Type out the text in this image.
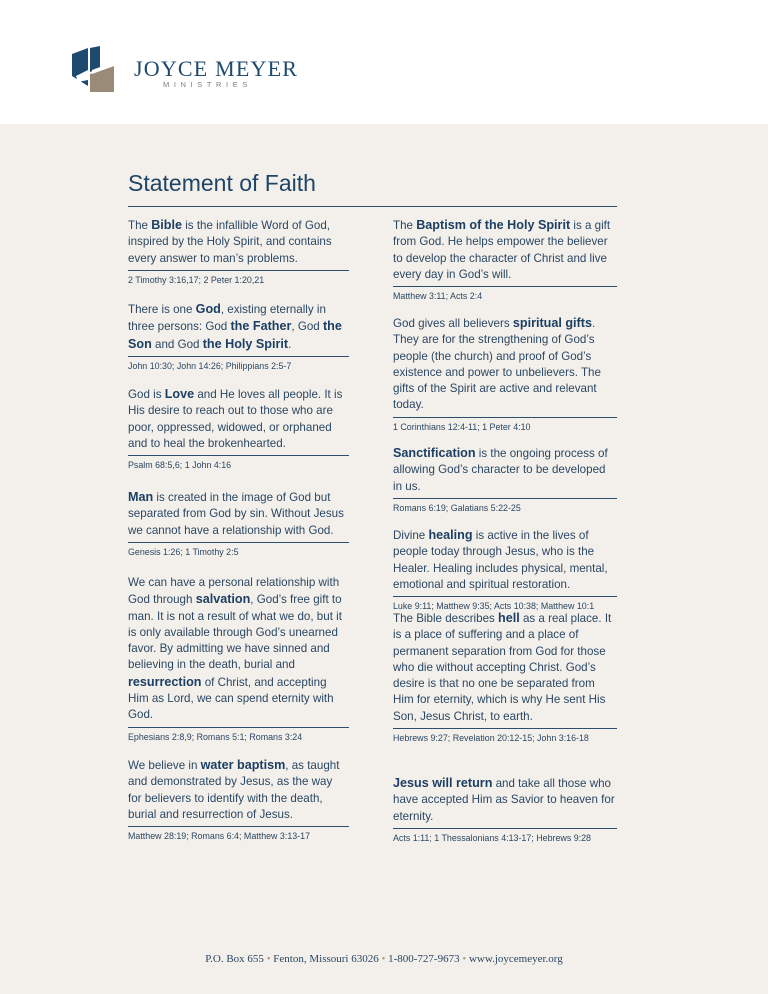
JOYCE MEYER
MINISTRIES
Statement of Faith
The Bible is the infallible Word of God, inspired by the Holy Spirit, and contains every answer to man’s problems.
2 Timothy 3:16,17; 2 Peter 1:20,21
There is one God, existing eternally in three persons: God the Father, God the Son and God the Holy Spirit.
John 10:30; John 14:26; Philippians 2:5-7
God is Love and He loves all people. It is His desire to reach out to those who are poor, oppressed, widowed, or orphaned and to heal the brokenhearted.
Psalm 68:5,6; 1 John 4:16
Man is created in the image of God but separated from God by sin. Without Jesus we cannot have a relationship with God.
Genesis 1:26; 1 Timothy 2:5
We can have a personal relationship with God through salvation, God’s free gift to man. It is not a result of what we do, but it is only available through God’s unearned favor. By admitting we have sinned and believing in the death, burial and resurrection of Christ, and accepting Him as Lord, we can spend eternity with God.
Ephesians 2:8,9; Romans 5:1; Romans 3:24
We believe in water baptism, as taught and demonstrated by Jesus, as the way for believers to identify with the death, burial and resurrection of Jesus.
Matthew 28:19; Romans 6:4; Matthew 3:13-17
The Baptism of the Holy Spirit is a gift from God. He helps empower the believer to develop the character of Christ and live every day in God’s will.
Matthew 3:11; Acts 2:4
God gives all believers spiritual gifts. They are for the strengthening of God’s people (the church) and proof of God’s existence and power to unbelievers. The gifts of the Spirit are active and relevant today.
1 Corinthians 12:4-11; 1 Peter 4:10
Sanctification is the ongoing process of allowing God’s character to be developed in us.
Romans 6:19; Galatians 5:22-25
Divine healing is active in the lives of people today through Jesus, who is the Healer. Healing includes physical, mental, emotional and spiritual restoration.
Luke 9:11; Matthew 9:35; Acts 10:38; Matthew 10:1
The Bible describes hell as a real place. It is a place of suffering and a place of permanent separation from God for those who die without accepting Christ. God’s desire is that no one be separated from Him for eternity, which is why He sent His Son, Jesus Christ, to earth.
Hebrews 9:27; Revelation 20:12-15; John 3:16-18
Jesus will return and take all those who have accepted Him as Savior to heaven for eternity.
Acts 1:11; 1 Thessalonians 4:13-17; Hebrews 9:28
P.O. Box 655 • Fenton, Missouri 63026 • 1-800-727-9673 • www.joycemeyer.org
